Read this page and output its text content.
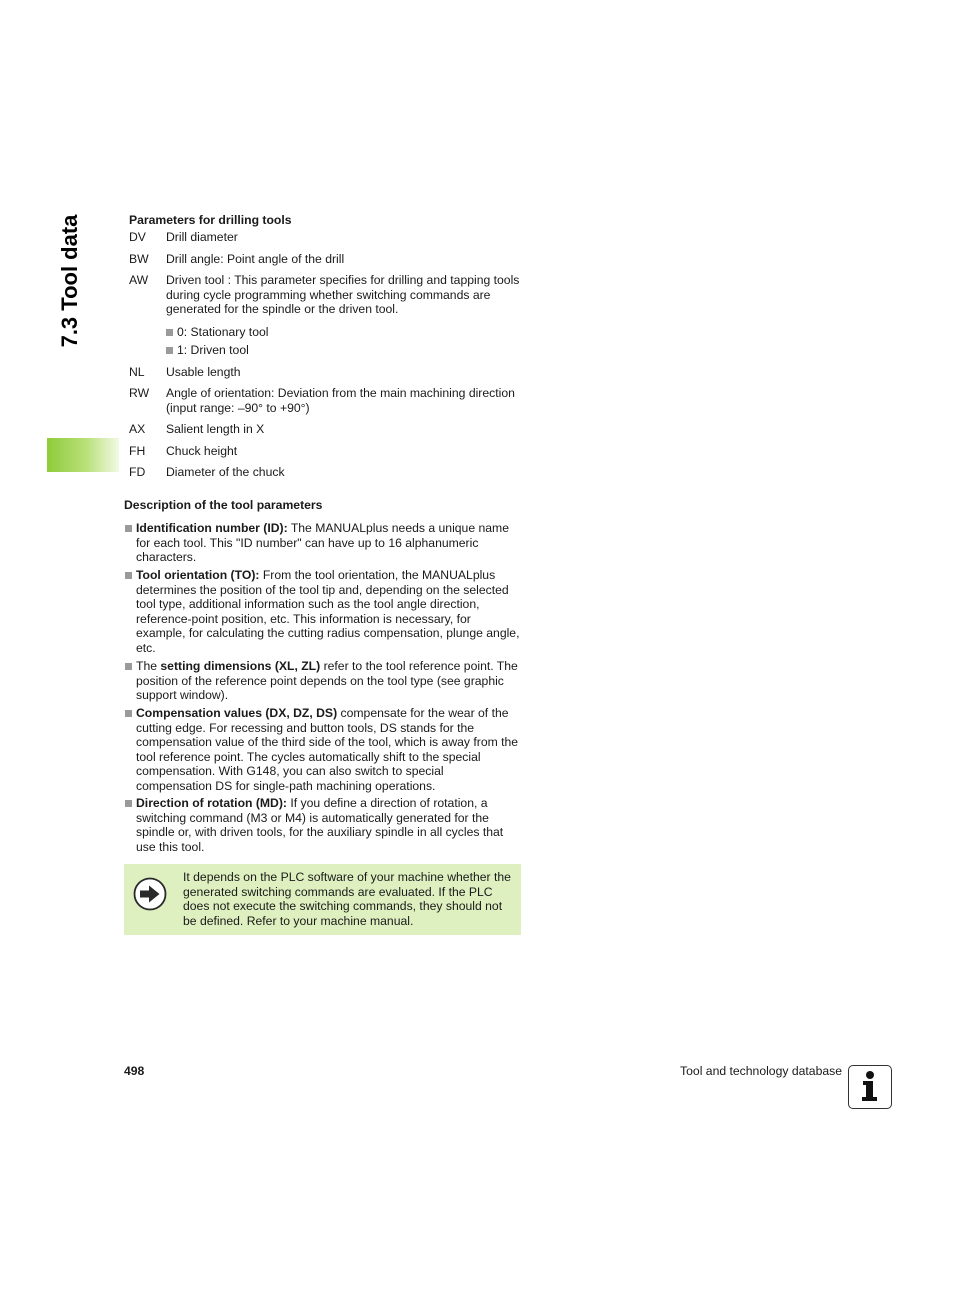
7.3 Tool data	Parameters for drilling tools
DV	Drill diameter
BW	Drill angle: Point angle of the drill
AW	Driven tool : This parameter specifies for drilling and tapping tools during cycle programming whether switching commands are generated for the spindle or the driven tool.
0: Stationary tool
1: Driven tool
NL	Usable length
RW	Angle of orientation: Deviation from the main machining direction (input range: –90° to +90°)
AX	Salient length in X
FH	Chuck height
FD	Diameter of the chuck
Description of the tool parameters
Identification number (ID): The MANUALplus needs a unique name for each tool. This "ID number" can have up to 16 alphanumeric characters.
Tool orientation (TO): From the tool orientation, the MANUALplus determines the position of the tool tip and, depending on the selected tool type, additional information such as the tool angle direction, reference-point position, etc. This information is necessary, for example, for calculating the cutting radius compensation, plunge angle, etc.
The setting dimensions (XL, ZL) refer to the tool reference point. The position of the reference point depends on the tool type (see graphic support window).
Compensation values (DX, DZ, DS) compensate for the wear of the cutting edge. For recessing and button tools, DS stands for the compensation value of the third side of the tool, which is away from the tool reference point. The cycles automatically shift to the special compensation. With G148, you can also switch to special compensation DS for single-path machining operations.
Direction of rotation (MD): If you define a direction of rotation, a switching command (M3 or M4) is automatically generated for the spindle or, with driven tools, for the auxiliary spindle in all cycles that use this tool.
It depends on the PLC software of your machine whether the generated switching commands are evaluated. If the PLC does not execute the switching commands, they should not be defined. Refer to your machine manual.
498	Tool and technology database
